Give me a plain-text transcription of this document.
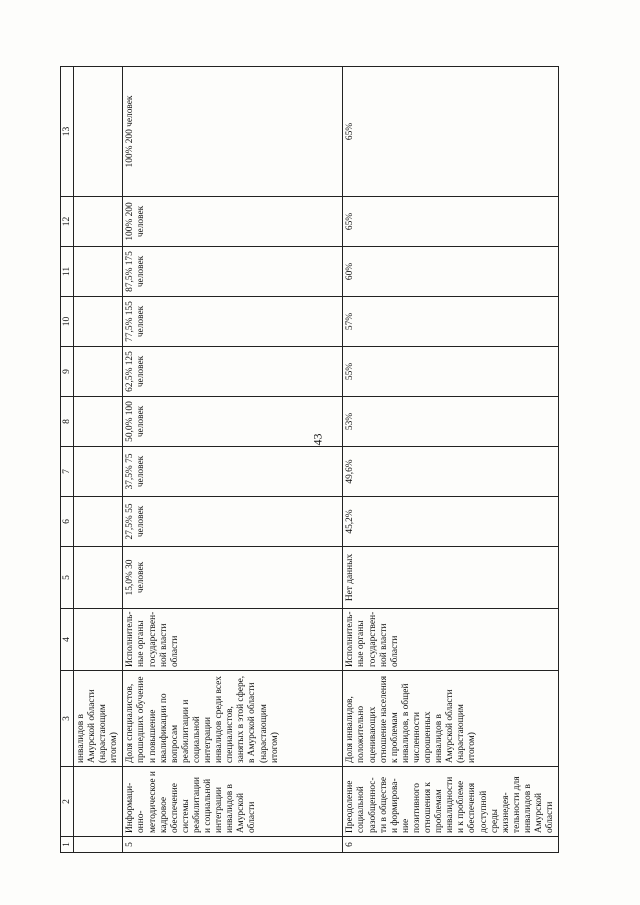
43
1	2	3	4	5	6	7	8	9	10	11	12	13
		инвалидов в Амурской области (нарастающим итогом)										
5	Информаци-онно-методическое и кадровое обеспечение системы реабилитации и социальной интеграции инвалидов в Амурской области	Доля специалистов, прошедших обучение и повышение квалификации по вопросам реабилитации и социальной интеграции инвалидов среди всех специалистов, занятых в этой сфере, в Амурской области (нарастающим итогом)	Исполнитель-ные органы государствен-ной власти области	15,0% 30 человек	27,5% 55 человек	37,5% 75 человек	50,0% 100 человек	62,5% 125 человек	77,5% 155 человек	87,5% 175 человек	100% 200 человек	100% 200 человек
6	Преодоление социальной разобщеннос-ти в обществе и формирова-ние позитивного отношения к проблемам инвалидности и к проблеме обеспечения доступной среды жизнедея-тельности для инвалидов в Амурской области	Доля инвалидов, положительно оценивающих отношение населения к проблемам инвалидов, в общей численности опрошенных инвалидов в Амурской области (нарастающим итогом)	Исполнитель-ные органы государствен-ной власти области	Нет данных	45,2%	49,6%	53%	55%	57%	60%	65%	65%
